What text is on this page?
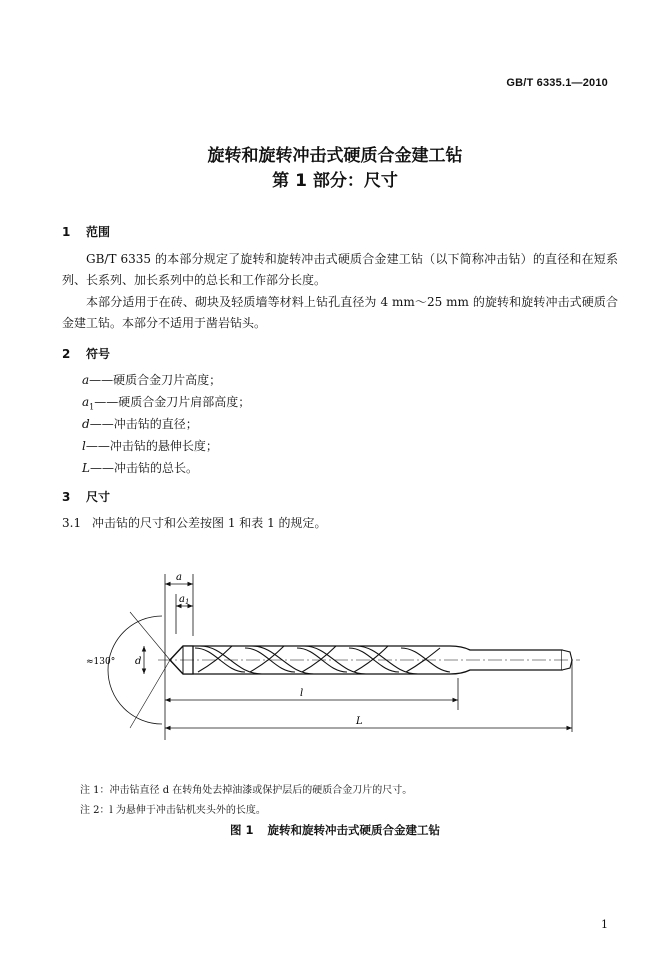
GB/T 6335.1—2010
旋转和旋转冲击式硬质合金建工钻
第 1 部分：尺寸
1 范围
GB/T 6335 的本部分规定了旋转和旋转冲击式硬质合金建工钻（以下简称冲击钻）的直径和在短系列、长系列、加长系列中的总长和工作部分长度。
本部分适用于在砖、砌块及轻质墙等材料上钻孔直径为 4 mm～25 mm 的旋转和旋转冲击式硬质合金建工钻。本部分不适用于凿岩钻头。
2 符号
a——硬质合金刀片高度；
$a_1——$硬质合金刀片肩部高度；
d——冲击钻的直径；
l——冲击钻的悬伸长度；
L——冲击钻的总长。
3 尺寸
3.1 冲击钻的尺寸和公差按图 1 和表 1 的规定。
a
$a_1$
≈130° d
l
L
注 1：冲击钻直径 d 在转角处去掉油漆或保护层后的硬质合金刀片的尺寸。
注 2：l 为悬伸于冲击钻机夹头外的长度。
图 1 旋转和旋转冲击式硬质合金建工钻
1
